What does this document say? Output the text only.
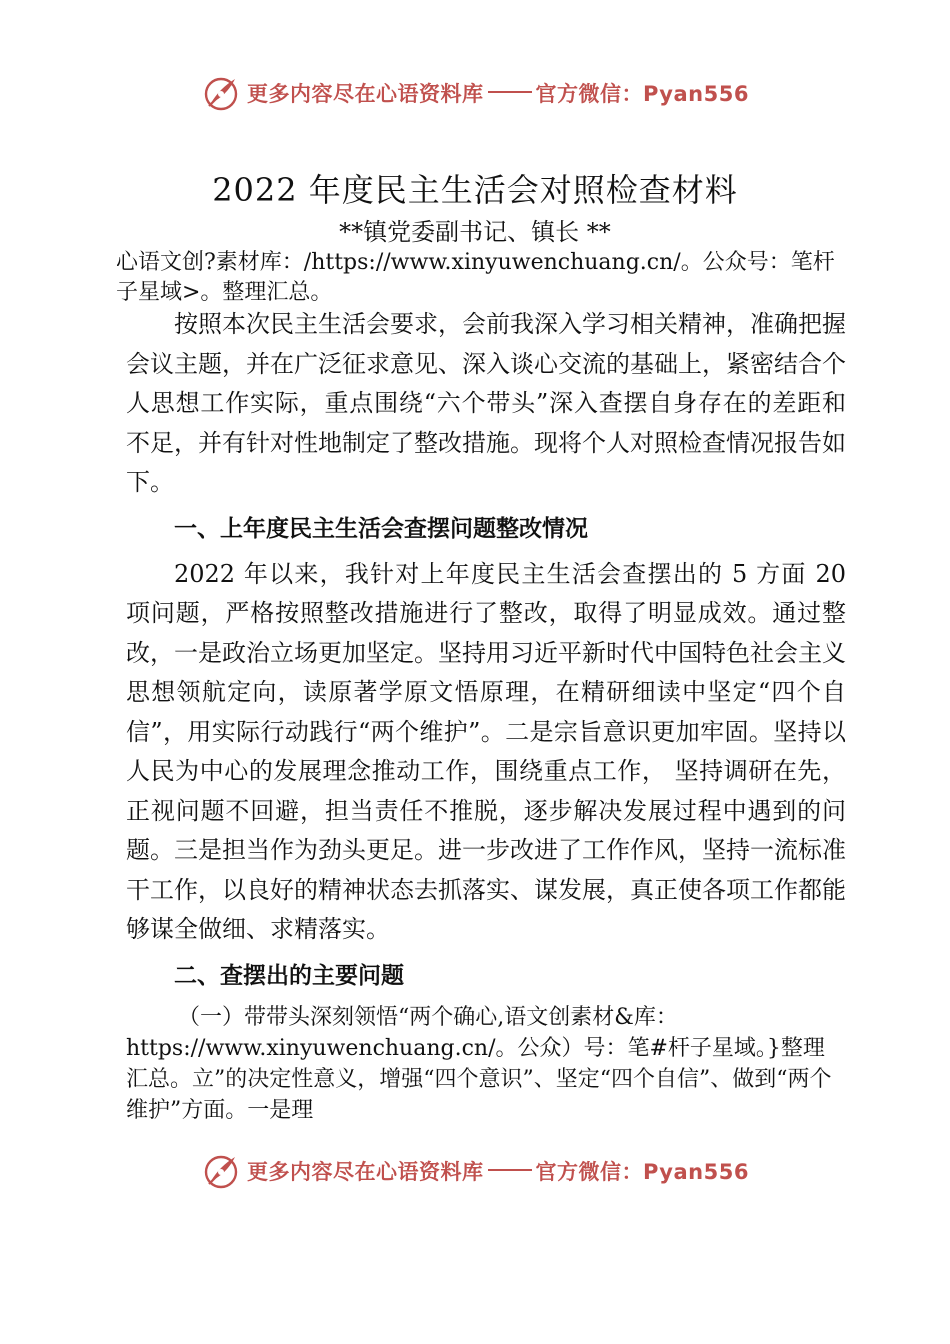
更多内容尽在心语资料库 官方微信：Pyan556
2022 年度民主生活会对照检查材料
**镇党委副书记、镇长 **

心语文创?素材库：/https://www.xinyuwenchuang.cn/。公众号：笔杆子星域>。整理汇总。

按照本次民主生活会要求，会前我深入学习相关精神，准确把握会议主题，并在广泛征求意见、深入谈心交流的基础上，紧密结合个人思想工作实际，重点围绕“六个带头”深入查摆自身存在的差距和不足，并有针对性地制定了整改措施。现将个人对照检查情况报告如下。

一、上年度民主生活会查摆问题整改情况

2022 年以来，我针对上年度民主生活会查摆出的 5 方面 20 项问题，严格按照整改措施进行了整改，取得了明显成效。通过整改，一是政治立场更加坚定。坚持用习近平新时代中国特色社会主义思想领航定向，读原著学原文悟原理，在精研细读中坚定“四个自信”，用实际行动践行“两个维护”。二是宗旨意识更加牢固。坚持以人民为中心的发展理念推动工作，围绕重点工作， 坚持调研在先，正视问题不回避，担当责任不推脱，逐步解决发展过程中遇到的问题。三是担当作为劲头更足。进一步改进了工作作风，坚持一流标准干工作，以良好的精神状态去抓落实、谋发展，真正使各项工作都能够谋全做细、求精落实。

二、查摆出的主要问题

（一）带带头深刻领悟“两个确心,语文创素材&库：https://www.xinyuwenchuang.cn/。公众）号：笔#杆子星域。}整理汇总。立”的决定性意义，增强“四个意识”、坚定“四个自信”、做到“两个维护”方面。一是理

更多内容尽在心语资料库 官方微信：Pyan556
